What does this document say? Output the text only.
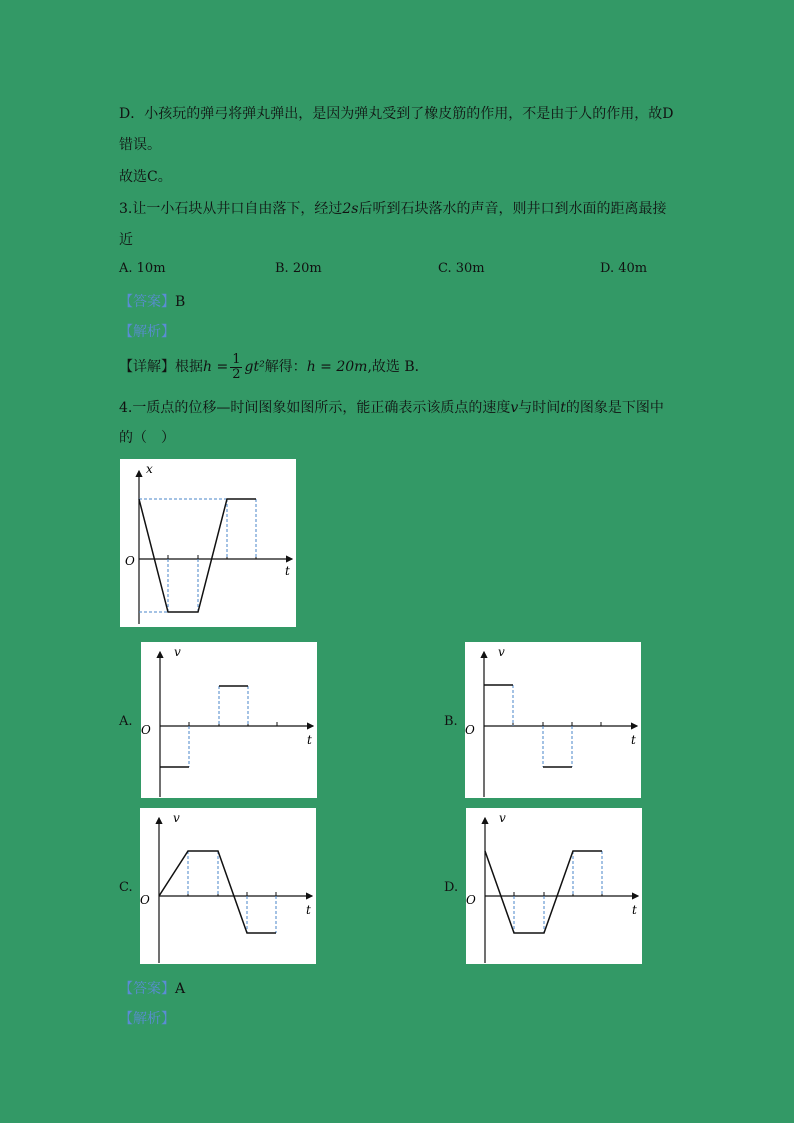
D．小孩玩的弹弓将弹丸弹出，是因为弹丸受到了橡皮筋的作用，不是由于人的作用，故D
错误。
故选C。
3.让一小石块从井口自由落下，经过2s后听到石块落水的声音，则井口到水面的距离最接
近
A. 10m	B. 20m	C. 30m	D. 40m
【答案】B
【解析】
【详解】根据$h = \frac{1}{2} gt^2$解得：h = 20m,故选 B．
4.一质点的位移—时间图象如图所示，能正确表示该质点的速度v与时间t的图象是下图中
的（　）
x
O
t
A.
v
O
t
B.
v
O
t
C.
v
O
t
D.
v
O
t
【答案】A
【解析】
